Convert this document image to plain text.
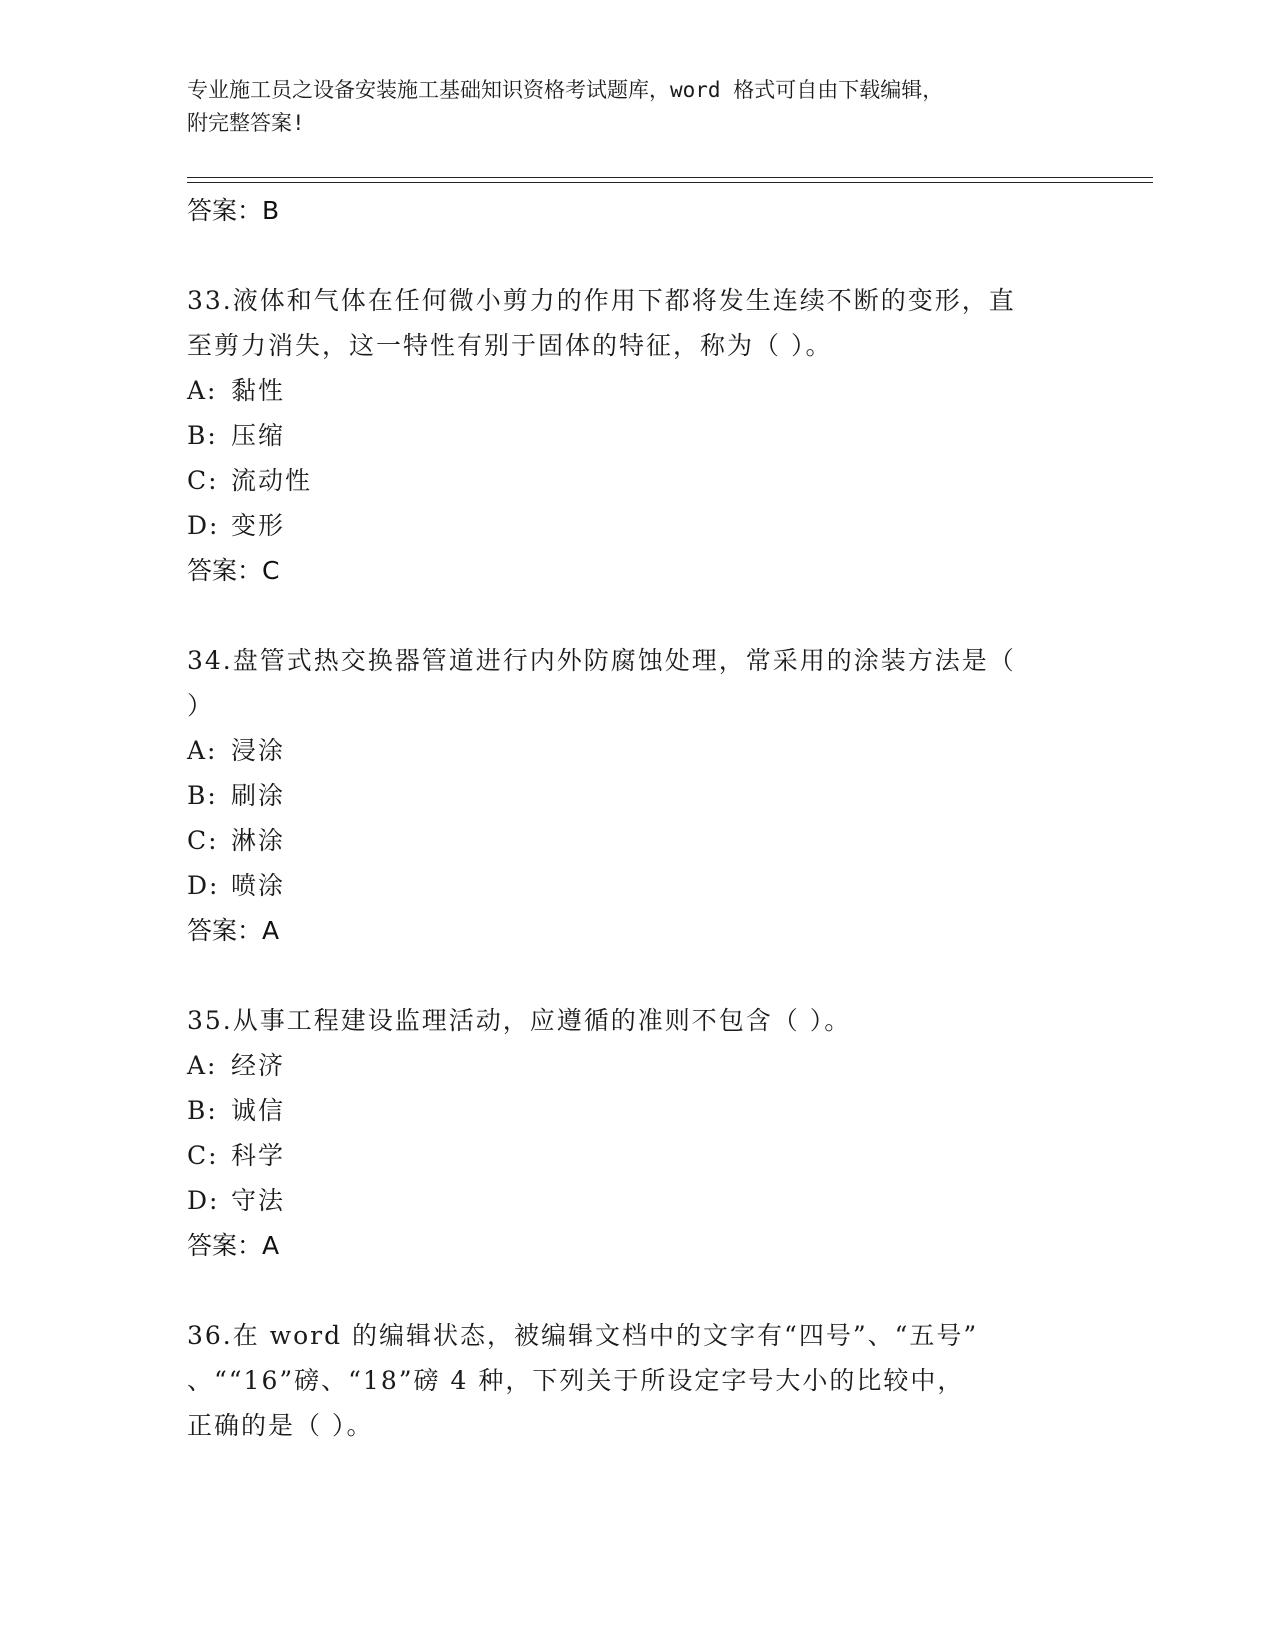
专业施工员之设备安装施工基础知识资格考试题库，word 格式可自由下载编辑，
附完整答案!
答案：B
33.液体和气体在任何微小剪力的作用下都将发生连续不断的变形，直
至剪力消失，这一特性有别于固体的特征，称为（ ）。
A: 黏性
B: 压缩
C: 流动性
D: 变形
答案：C
34.盘管式热交换器管道进行内外防腐蚀处理，常采用的涂装方法是（
）
A: 浸涂
B: 刷涂
C: 淋涂
D: 喷涂
答案：A
35.从事工程建设监理活动，应遵循的准则不包含（ ）。
A: 经济
B: 诚信
C: 科学
D: 守法
答案：A
36.在 word 的编辑状态，被编辑文档中的文字有“四号”、“五号”
、““16”磅、“18”磅 4 种，下列关于所设定字号大小的比较中，
正确的是（ ）。
